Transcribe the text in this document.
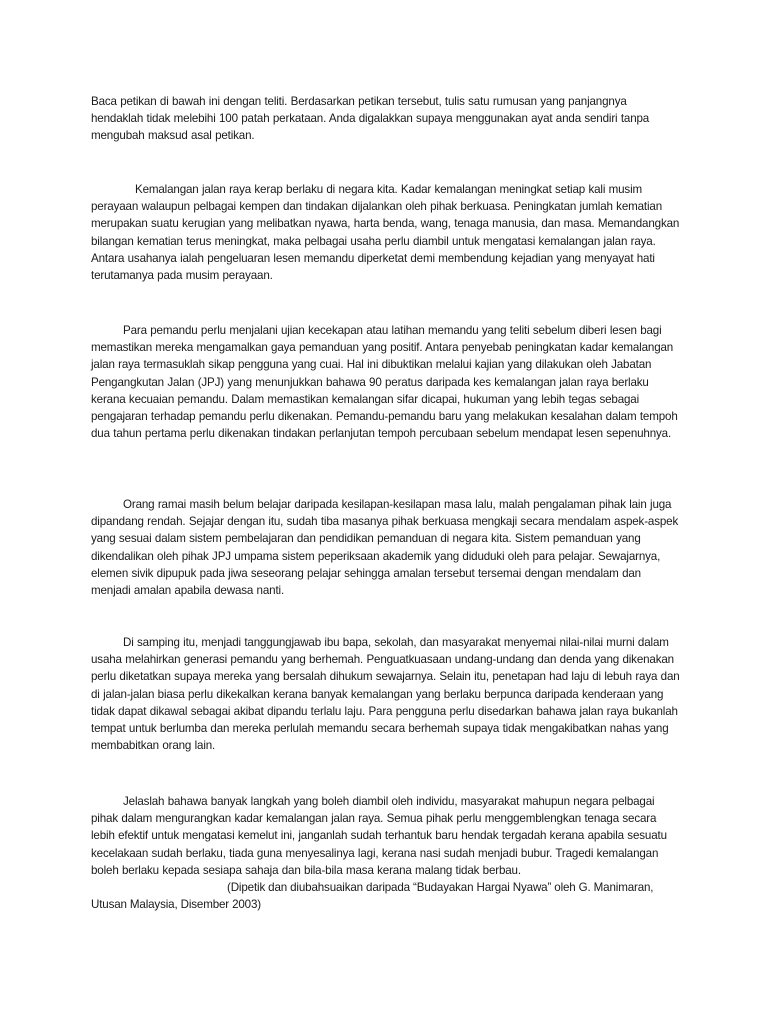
Baca petikan di bawah ini dengan teliti. Berdasarkan petikan tersebut, tulis satu rumusan yang panjangnya hendaklah tidak melebihi 100 patah perkataan. Anda digalakkan supaya menggunakan ayat anda sendiri tanpa mengubah maksud asal petikan.

Kemalangan jalan raya kerap berlaku di negara kita. Kadar kemalangan meningkat setiap kali musim perayaan walaupun pelbagai kempen dan tindakan dijalankan oleh pihak berkuasa. Peningkatan jumlah kematian merupakan suatu kerugian yang melibatkan nyawa, harta benda, wang, tenaga manusia, dan masa. Memandangkan bilangan kematian terus meningkat, maka pelbagai usaha perlu diambil untuk mengatasi kemalangan jalan raya. Antara usahanya ialah pengeluaran lesen memandu diperketat demi membendung kejadian yang menyayat hati terutamanya pada musim perayaan.

Para pemandu perlu menjalani ujian kecekapan atau latihan memandu yang teliti sebelum diberi lesen bagi memastikan mereka mengamalkan gaya pemanduan yang positif. Antara penyebab peningkatan kadar kemalangan jalan raya termasuklah sikap pengguna yang cuai. Hal ini dibuktikan melalui kajian yang dilakukan oleh Jabatan Pengangkutan Jalan (JPJ) yang menunjukkan bahawa 90 peratus daripada kes kemalangan jalan raya berlaku kerana kecuaian pemandu. Dalam memastikan kemalangan sifar dicapai, hukuman yang lebih tegas sebagai pengajaran terhadap pemandu perlu dikenakan. Pemandu-pemandu baru yang melakukan kesalahan dalam tempoh dua tahun pertama perlu dikenakan tindakan perlanjutan tempoh percubaan sebelum mendapat lesen sepenuhnya.

Orang ramai masih belum belajar daripada kesilapan-kesilapan masa lalu, malah pengalaman pihak lain juga dipandang rendah. Sejajar dengan itu, sudah tiba masanya pihak berkuasa mengkaji secara mendalam aspek-aspek yang sesuai dalam sistem pembelajaran dan pendidikan pemanduan di negara kita. Sistem pemanduan yang dikendalikan oleh pihak JPJ umpama sistem peperiksaan akademik yang diduduki oleh para pelajar. Sewajarnya, elemen sivik dipupuk pada jiwa seseorang pelajar sehingga amalan tersebut tersemai dengan mendalam dan menjadi amalan apabila dewasa nanti.

Di samping itu, menjadi tanggungjawab ibu bapa, sekolah, dan masyarakat menyemai nilai-nilai murni dalam usaha melahirkan generasi pemandu yang berhemah. Penguatkuasaan undang-undang dan denda yang dikenakan perlu diketatkan supaya mereka yang bersalah dihukum sewajarnya. Selain itu, penetapan had laju di lebuh raya dan di jalan-jalan biasa perlu dikekalkan kerana banyak kemalangan yang berlaku berpunca daripada kenderaan yang tidak dapat dikawal sebagai akibat dipandu terlalu laju. Para pengguna perlu disedarkan bahawa jalan raya bukanlah tempat untuk berlumba dan mereka perlulah memandu secara berhemah supaya tidak mengakibatkan nahas yang membabitkan orang lain.

Jelaslah bahawa banyak langkah yang boleh diambil oleh individu, masyarakat mahupun negara pelbagai pihak dalam mengurangkan kadar kemalangan jalan raya. Semua pihak perlu menggemblengkan tenaga secara lebih efektif untuk mengatasi kemelut ini, janganlah sudah terhantuk baru hendak tergadah kerana apabila sesuatu kecelakaan sudah berlaku, tiada guna menyesalinya lagi, kerana nasi sudah menjadi bubur. Tragedi kemalangan boleh berlaku kepada sesiapa sahaja dan bila-bila masa kerana malang tidak berbau.

(Dipetik dan diubahsuaikan daripada “Budayakan Hargai Nyawa” oleh G. Manimaran, Utusan Malaysia, Disember 2003)
